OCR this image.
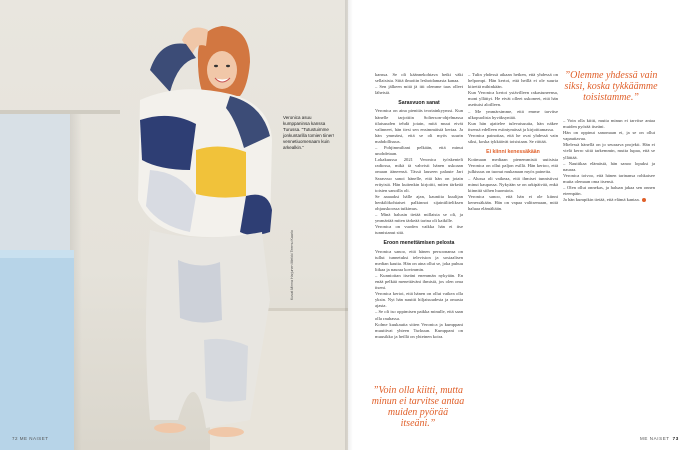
Veronica asuu kumppaninsa kanssa Turussa. “Tutustuimme jonkuntarilla tomien tiiner! vennetiuomenaam kuin arkealkin.”
Kuvat Minna Harjunen Meikki Teemu Kaarlo
72 ME NAISET

kanssa. Se oli käännekohtava hetki väki sellaisista. Siitä ilmoitin lesbotdamasta kanaa.

– Sen jälkeen mitä jä itti olemme taas olleet läheisiä.

Sarasvuon sanat

Veronica on aina pienitäs teoriainkyynssi. Kun hänelle tarjottiin Solterson-ohjelmassa tilaisuuden tehdä jotain, mitä muut eivät valinneet, hän tiesi sen ensimmäistä kertaa. Ja hän ymmärsi, että se oli myös suurin mahdollisuus.

– Pohjimmiltani pelkään, että minut unohdetaan.

Lokakuussa 2021 Veronica työskenteli radiossa, mikä tä vahvisti hänen uskoaan omaan ääneensä. Tässä lauseen palaute Jari Sarasvuo sanoi hänelle, että hän on jotain erityistä. Hän kuitenkin kirjoitti, miten tärkeää toisten sanoilla oli.

Se aaaaaksi hälle ajan, kauniita kuulijan henkilökohtaiset palkinnot sijaintiliteliksen ohjauskoossa tutkimus.

– Minä halusin tietää millaista se oli, ja ymmärtää miten tärkeää tarina oli kaikille.

Veronica on vuoden vaikka hän ei itse tunnistanut sitä.

Eroon menettämisen pelosta

Veronica sanoo, että hänen persoonansa on tullut tunnetuksi television ja sosiaalisen median kautta. Hän on aina ollut se, joka puhuu liikaa ja nauraa kovimmin.

– Kunnioitan itseäni enemmän nykyään. En enää pelkää menettäväni ihmisiä, jos olen oma itseni.

Veronica kertoi, että hänen on ollut vaikea olla yksin. Nyt hän nauttii hiljaisuudesta ja omasta ajasta.

– Se oli iso oppimisen paikka minulle, että saan olla rauhassa.

Kolme kuukautta sitten Veronica ja kumppani muuttivat yhteen Turkuun. Kumppani on muusikko ja heillä on yhteinen koira.

”Voin olla kiitti, mutta minun ei tarvitse antaa muiden pyörää itseäni.”

– Tulin yhdessä aikaan hetken, että yhdessä on helpompi. Hän kertoi, että heillä ei ole suurta kiirettä mihinkään.

Kun Veronica kertoi ystävilleen rakastuneensa, moni yllättyi. He eivät olleet uskoneet, että hän asettuisi aloilleen.

– Me ymmärsimme, että emme tarvitse ulkopuolista hyväksyntää.

Kun hän ajattelee tulevaisuutta, hän näkee itsensä edelleen esiintymässä ja kirjoittamassa.

Veronica painottaa, että he ovat yhdessä vain siksi, koska tykkäävät toisistaan. Se riittää.

Ei kiinni kenessäkään

Kotimaan mediaan pienemmistä uutisista Veronica on ollut paljon esillä. Hän kertoo, että julkisuus on tuonut mukanaan myös paineita.

– Alussa oli vaikeaa, että ihmiset tunnistivat minut kaupassa. Nykyään se on arkipäivää, enkä kiinnitä siihen huomiota.

Veronica sanoo, että hän ei ole kiinni kenessäkään. Hän on vapaa valitsemaan, mitä haluaa elämältään.

”Olemme yhdessä vain siksi, koska tykkäämme toisistamme.”

– Voin olla kiitti, mutta minun ei tarvitse antaa muiden pyörää itseäni.

Hän on oppinut sanomaan ei, ja se on ollut vapauttavaa.

Mielessä hänellä on jo seuraava projekti. Hän ei vielä kerro siitä tarkemmin, mutta lupaa, että se yllättää.

– Nauttikaa elämästä, hän sanoo lopuksi ja nauraa.

Veronica toivoo, että hänen tarinansa rohkaisee muita olemaan oma itsensä.

– Olen ollut onnekas, ja haluan jakaa sen onnen eteenpäin.

Ja hän kumpikin tietää, että elämä kantaa.

ME NAISET 73
